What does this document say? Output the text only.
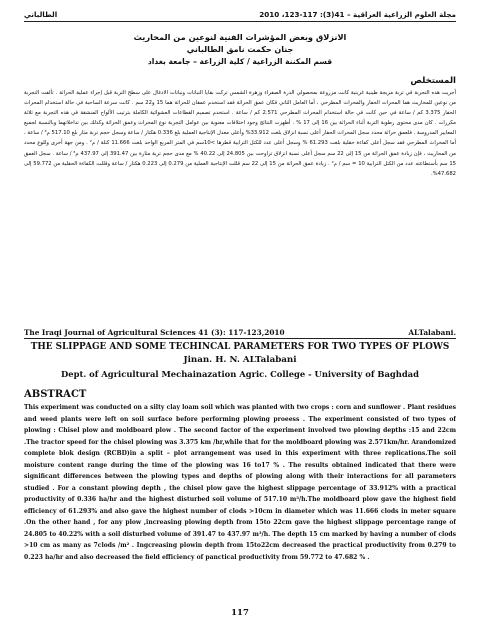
مجلة العلوم الزراعية العراقية – 41(3): 117-123، 2010
الطالباني
الانزلاق وبعض المؤشرات الفنية لنوعين من المحاريث
جنان حكمت نامق الطالباني
قسم المكننة الزراعية / كلية الزراعة – جامعة بغداد
المستخلص
أجريت هذه التجربة في تربة مزيجة طينية غرينية كانت مزروعة بمحصولي الذرة الصفراء وزهرة الشمس تركت بقايا النباتات ونباتات الادغال على سطح التربة قبل إجراء عملية الحراثة . تألفت التجربة من نوعين للمحاريث هما المحراث الحفار والمحراث المطرحي ، أما العامل الثاني فكان عمق الحراثة فقد استخدم عمقان للحراثة هما 15 و22 سم . كانت سرعة الساحبة في حالة استخدام المحراث الحفار 3.375 كم / ساعة في حين كانت في حالة استخدام المحراث المطرحي 2.571 كم / ساعة . استخدم تصميم القطاعات العشوائية الكاملة بترتيب الألواح المنشقة في هذه التجربة مع ثلاثة مكررات . كان مدى محتوى رطوبة التربة أثناء الحراثة بين 16 إلى 17 % . أظهرت النتائج وجود اختلافات معنوية بين عوامل التجربة نوع المحراث وعمق الحراثة وكذلك بين تداخلاتهما وبالنسبة لجميع المعايير المدروسة . فلعمق حراثة محدد سجل المحراث الحفار أعلى نسبة انزلاق بلغت 33.912% وأعلى معدل الإنتاجية العملية بلغ 0.336 هكتار / ساعة وسجل حجم تربة مثار بلغ 517.10 م³ / ساعة ، أما المحراث المطرحي فقد سجل أعلى كفاءة حقلية بلغت 61.293 % وسجل أعلى عدد للكتل الترابية قطرها >10سم في المتر المربع الواحد بلغت 11.666 كتلة / م² . ومن جهة أخرى وللوع محدد من المحاريث ، فإن زيادة عمق الحراثة من 15 إلى 22 سم سجل أعلى نسبة انزلاق تراوحت بين 24.805 إلى 40.22 % مع مدى حجم تربة مثارة بين 391.47 إلى 437.97 م³ / ساعة . سجل العمق 15 سم بأستطاعته عدد من الكتل الترابية 10 = سم / م² . زيادة عمق الحراثة من 15 إلى 22 سم قللت الإنتاجية العملية من 0.279 إلى 0.223 هكتار / ساعة وقللت الكفاءة الحقلية من 59.772 إلى 47.682%.
The Iraqi Journal of Agricultural Sciences 41 (3): 117-123,2010	ALTalabani.
THE SLIPPAGE AND SOME TECHINCAL PARAMETERS FOR TWO TYPES OF PLOWS
Jinan. H. N. ALTalabani
Dept. of Agricultural Mechainazation Agric. College - University of Baghdad
ABSTRACT
This experiment was conducted on a silty clay loam soil which was planted with two crops : corn and sunflower . Plant residues and weed plants were left on soil surface before performing plowing proeess . The experiment consisted of two types of plowing : Chisel plow and moldboard plow . The second factor of the experiment involved two plowing depths :15 and 22cm .The tractor speed for the chisel plowing was 3.375 km /hr,while that for the moldboard plowing was 2.571km/hr. Arandomized complete blok design (RCBD)in a split – plot arrangement was used in this experiment with three replications.The soil moisture content range during the time of the plowing was 16 to17 % . The results obtained indicated that there were significant differences between the plowing types and depths of plowing along with their interactions for all parameters studied . For a constant plowing depth , the chisel plow gave the highest slippage percentage of 33.912% with a practical productivity of 0.336 ha/hr and the highest disturbed soil volume of 517.10 m³/h.The moldboard plow gave the highest field efficiency of 61.293% and also gave the highest number of clods >10cm in diameter which was 11.666 clods in meter square .On the other hand , for any plow ,increasing plowing depth from 15to 22cm gave the highest slippage percentage range of 24.805 to 40.22% with a soil disturbed volume of 391.47 to 437.97 m³/h. The depth 15 cm marked by having a number of clods >10 cm as many as 7clods /m² . Ingcreasing plowin depth from 15to22cm decreased the practical productivity from 0.279 to 0.223 ha/hr and also decreased the field efficiency of panctical productivity from 59.772 to 47.682 % .
117
